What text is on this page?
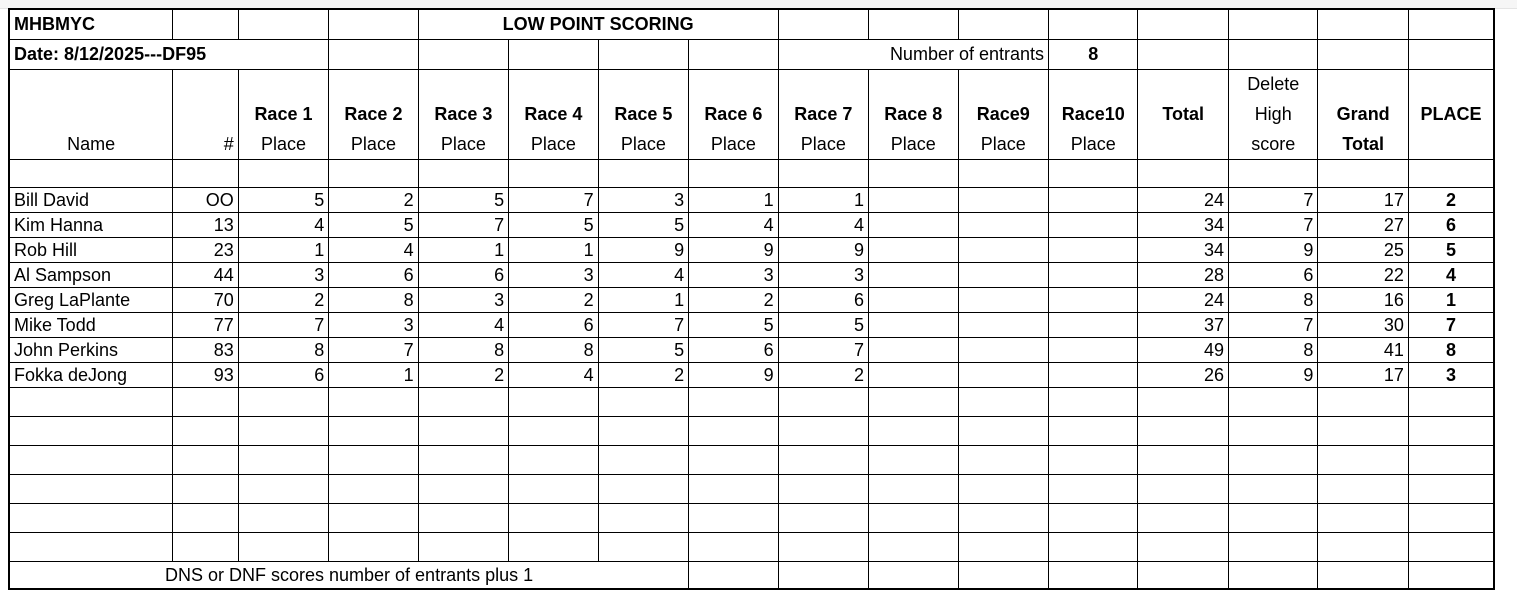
MHBMYC				LOW POINT SCORING											
Date: 8/12/2025---DF95								Number of entrants			8				
													Delete		
		Race 1	Race 2	Race 3	Race 4	Race 5	Race 6	Race 7	Race 8	Race9	Race10	Total	High	Grand	PLACE
Name	#	Place	Place	Place	Place	Place	Place	Place	Place	Place	Place		score	Total	

Bill David	OO	5	2	5	7	3	1	1				24	7	17	2
Kim Hanna	13	4	5	7	5	5	4	4				34	7	27	6
Rob Hill	23	1	4	1	1	9	9	9				34	9	25	5
Al Sampson	44	3	6	6	3	4	3	3				28	6	22	4
Greg LaPlante	70	2	8	3	2	1	2	6				24	8	16	1
Mike Todd	77	7	3	4	6	7	5	5				37	7	30	7
John Perkins	83	8	7	8	8	5	6	7				49	8	41	8
Fokka deJong	93	6	1	2	4	2	9	2				26	9	17	3

DNS or DNF scores number of entrants plus 1															
